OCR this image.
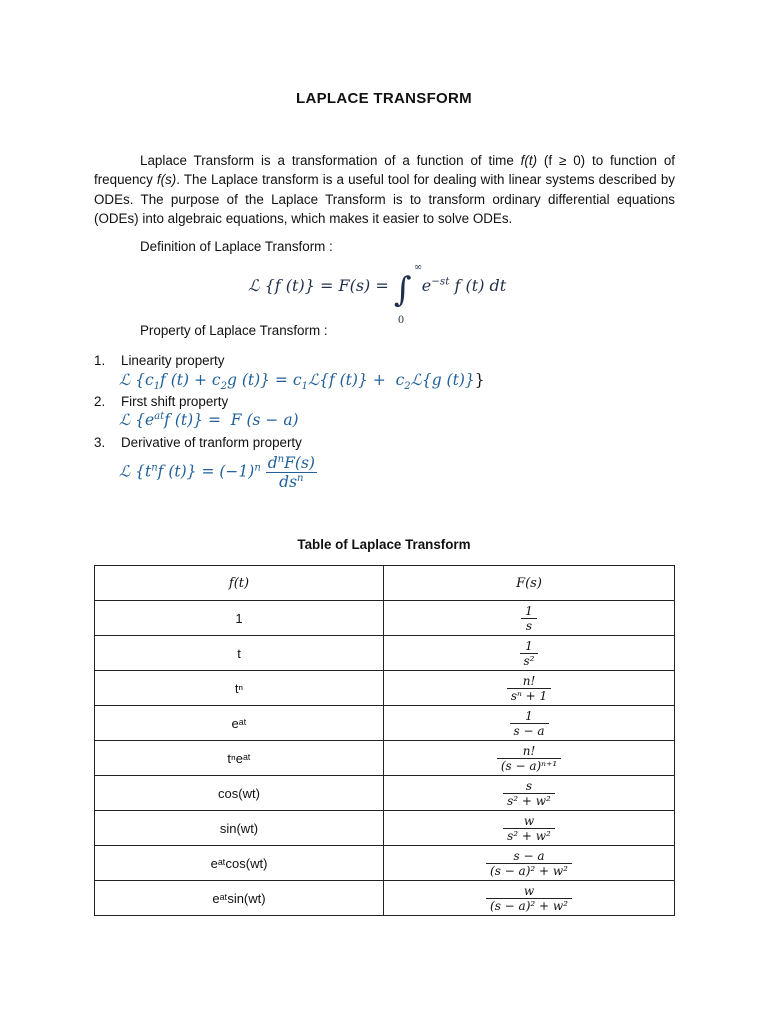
LAPLACE TRANSFORM
Laplace Transform is a transformation of a function of time f(t) (f ≥ 0) to function of frequency f(s). The Laplace transform is a useful tool for dealing with linear systems described by ODEs. The purpose of the Laplace Transform is to transform ordinary differential equations (ODEs) into algebraic equations, which makes it easier to solve ODEs.
Definition of Laplace Transform :
ℒ {f (t)} = F(s) = ∫
∞
0
$e^{-st}$ f (t) dt
Property of Laplace Transform :
1. Linearity property
ℒ {$c_1f$ $(t) + c_2g$ $(t)\} = c_1ℒ\{f$ $(t)\} + c_2ℒ\{g$ (t)}}
2. First shift property
ℒ {$e^{at}f$ (t)} =  F (s − a)
3. Derivative of tranform property
ℒ {$t^nf$ $(t)\} = (-1)^n \frac{d^nF(s)}{ds^n}$
Table of Laplace Transform
f(t)	F(s)
1	$\frac{1}{s}$

t	$\frac{1}{\text{s²}}$

tⁿ	$\frac{n!}{\text{sⁿ + 1}}$

eᵃᵗ	$\frac{1}{s - a}$

tⁿeᵃᵗ	$\frac{n!}{\text{(s − a)ⁿ⁺¹}}$

cos(wt)	$\frac{s}{\text{s² + w²}}$

sin(wt)	$\frac{w}{\text{s² + w²}}$

eᵃᵗcos(wt)	$\frac{s - a}{\text{(s − a)² + w²}}$

eᵃᵗsin(wt)	$\frac{w}{\text{(s − a)² + w²}}$
